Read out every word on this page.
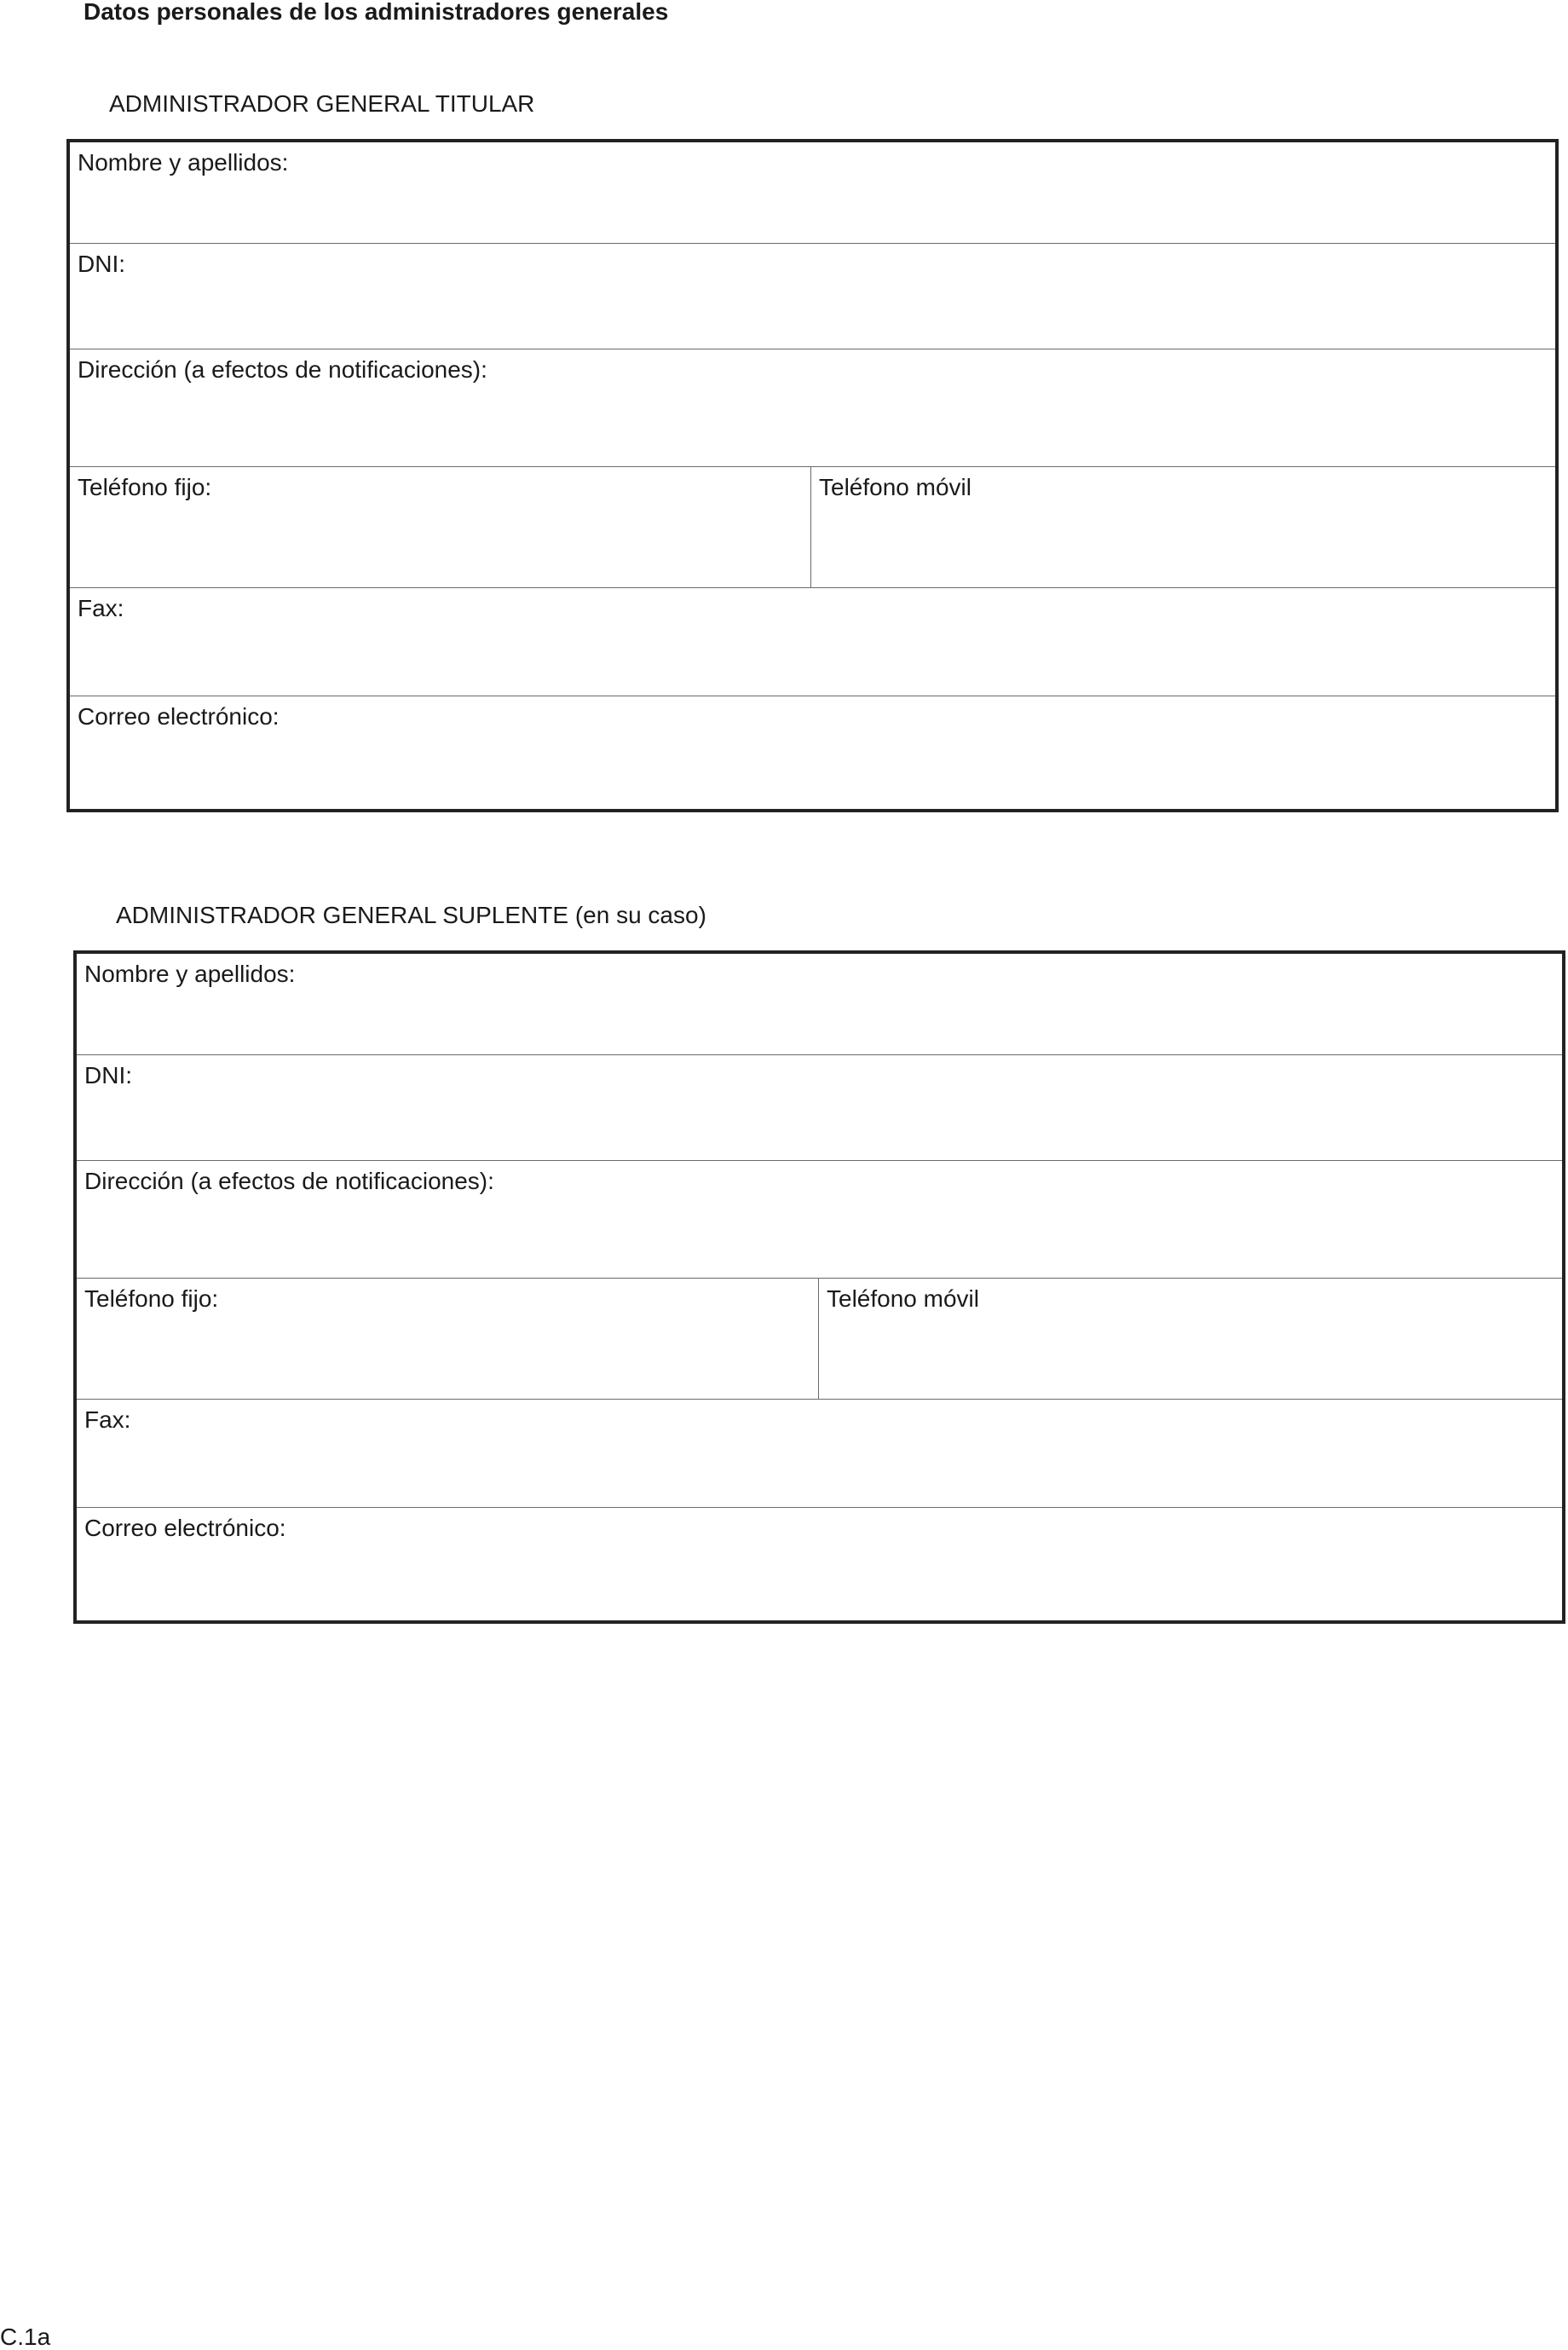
Datos personales de los administradores generales
ADMINISTRADOR GENERAL TITULAR
Nombre y apellidos:
DNI:
Dirección (a efectos de notificaciones):
Teléfono fijo:	Teléfono móvil
Fax:
Correo electrónico:
ADMINISTRADOR GENERAL SUPLENTE (en su caso)
Nombre y apellidos:
DNI:
Dirección (a efectos de notificaciones):
Teléfono fijo:	Teléfono móvil
Fax:
Correo electrónico:
C.1a
